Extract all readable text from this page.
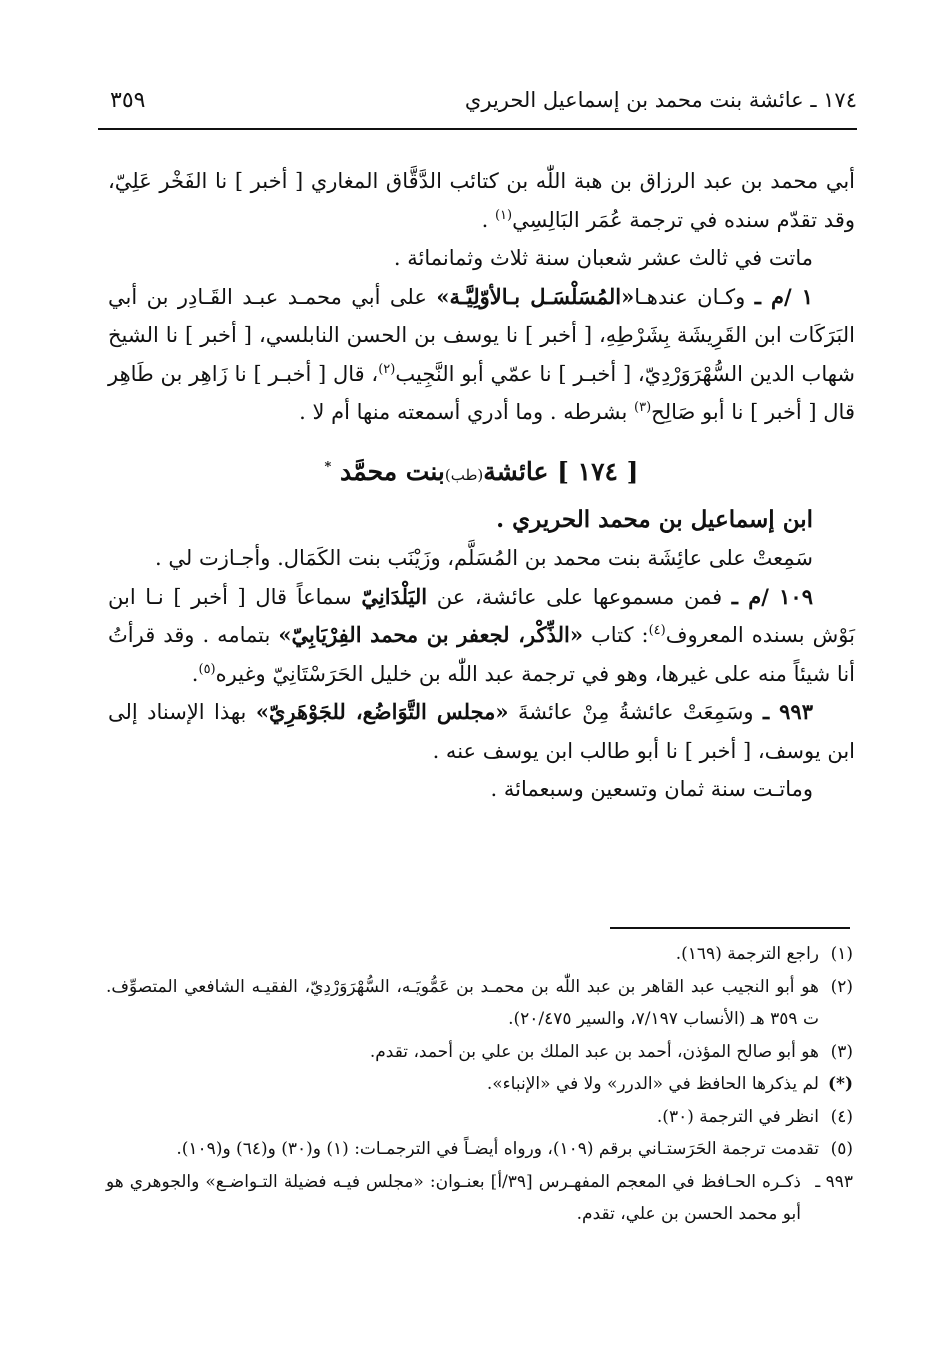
١٧٤ ـ عائشة بنت محمد بن إسماعيل الحريري
٣٥٩

أبي محمد بن عبد الرزاق بن هبة اللّٰه بن كتائب الدَّقَّاق المغاري [ أخبر ] نا الفَخْر عَلِيّ، وقد تقدّم سنده في ترجمة عُمَر البَالِسِي$^{(١)}$ .

ماتت في ثالث عشر شعبان سنة ثلاث وثمانمائة .

١ /م ـ وكـان عندهـا«المُسَلْسَـل بـالأوّلِيَّـة» على أبي محمـد عبـد القَـادِر بن أبي البَرَكَات ابن القَرِيشَة بِشَرْطِهِ، [ أخبر ] نا يوسف بن الحسن النابلسي، [ أخبر ] نا الشيخ شهاب الدين السُّهْرَوَرْدِيّ، [ أخبـر ] نا عمّي أبو النَّجِيب$^{(٢)}$، قال [ أخبـر ] نا زَاهِر بن طَاهِر قال [ أخبر ] نا أبو صَالِح$^{(٣)}$ بشرطه . وما أدري أسمعته منها أم لا .

[ ١٧٤ ] عائشة(طب)بنت محمَّد *

ابن إسماعيل بن محمد الحريري .

سَمِعتْ على عائِشَة بنت محمد بن المُسَلَّم، وزَيْنَب بنت الكَمَال. وأجـازت لي .

١٠٩ /م ـ فمن مسموعها على عائشة، عن اليَلْدَانِيّ سماعاً قال [ أخبر ] نـا ابن بَوْش بسنده المعروف$^{(٤)}$: كتاب «الذِّكْر، لجعفر بن محمد الفِرْيَابِيّ» بتمامه . وقد قرأتُ أنا شيئاً منه على غيرها، وهو في ترجمة عبد اللّٰه بن خليل الحَرَسْتَانِيّ وغيره$^{(٥)}$.

٩٩٣ ـ وسَمِعَتْ عائشةُ مِنْ عائشةَ «مجلس التَّوَاضُع، للجَوْهَرِيّ» بهذا الإسناد إلى ابن يوسف، [ أخبر ] نا أبو طالب ابن يوسف عنه .

وماتـت سنة ثمان وتسعين وسبعمائة .

(١)
راجع الترجمة (١٦٩).
(٢)
هو أبو النجيب عبد القاهر بن عبد اللّٰه بن محمـد بن عَمُّويَـه، السُّهْرَوَرْدِيّ، الفقيـه الشافعي المتصوِّف. ت ٣٥٩ هـ (الأنساب ٧/١٩٧، والسير ٢٠/٤٧٥).
(٣)
هو أبو صالح المؤذن، أحمد بن عبد الملك بن علي بن أحمد، تقدم.
(*)
لم يذكرها الحافظ في «الدرر» ولا في «الإنباء».
(٤)
انظر في الترجمة (٣٠).
(٥)
تقدمت ترجمة الحَرَستـاني برقم (١٠٩)، ورواه أيضـاً في الترجمـات: (١) و(٣٠) و(٦٤) و(١٠٩).
٩٩٣ ـ
ذكـره الحـافظ في المعجم المفهـرس [٣٩/أ] بعنـوان: «مجلس فيـه فضيلة التـواضـع» والجوهري هو أبو محمد الحسن بن علي، تقدم.
